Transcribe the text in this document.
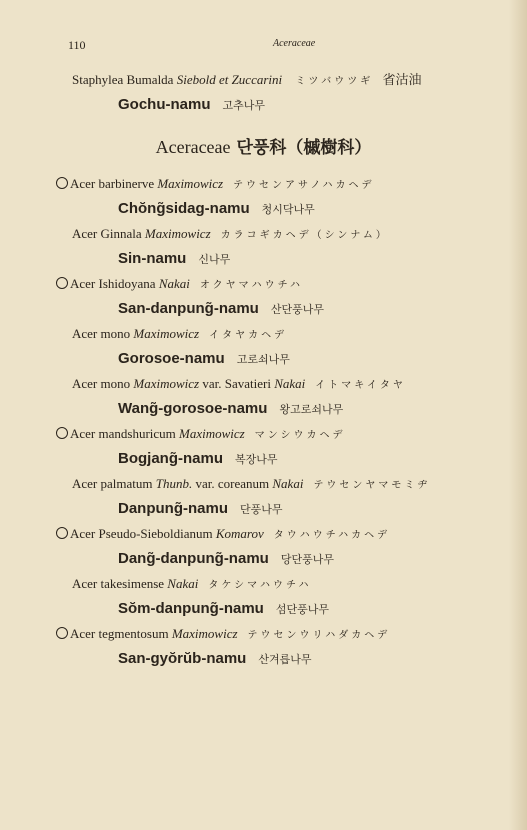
110	Aceraceae
Staphylea Bumalda Siebold et Zuccarini ミツバウツギ 省沽油
Gochu-namu 고추나무
Aceraceae 단풍科（槭樹科）
Acer barbinerve Maximowicz テウセンアサノハカヘデ
Chŏng̃sidag-namu 청시닥나무
Acer Ginnala Maximowicz カラコギカヘデ（シンナム）
Sin-namu 신나무
Acer Ishidoyana Nakai オクヤマハウチハ
San-danpung̃-namu 산단풍나무
Acer mono Maximowicz イタヤカヘデ
Gorosoe-namu 고로쇠나무
Acer mono Maximowicz var. Savatieri Nakai イトマキイタヤ
Wang̃-gorosoe-namu 왕고로쇠나무
Acer mandshuricum Maximowicz マンシウカヘデ
Bogjang̃-namu 복장나무
Acer palmatum Thunb. var. coreanum Nakai テウセンヤマモミヂ
Danpung̃-namu 단풍나무
Acer Pseudo-Sieboldianum Komarov タウハウチハカヘデ
Dang̃-danpung̃-namu 당단풍나무
Acer takesimense Nakai タケシマハウチハ
Sŏm-danpung̃-namu 섬단풍나무
Acer tegmentosum Maximowicz テウセンウリハダカヘデ
San-gyŏrŭb-namu 산겨릅나무
